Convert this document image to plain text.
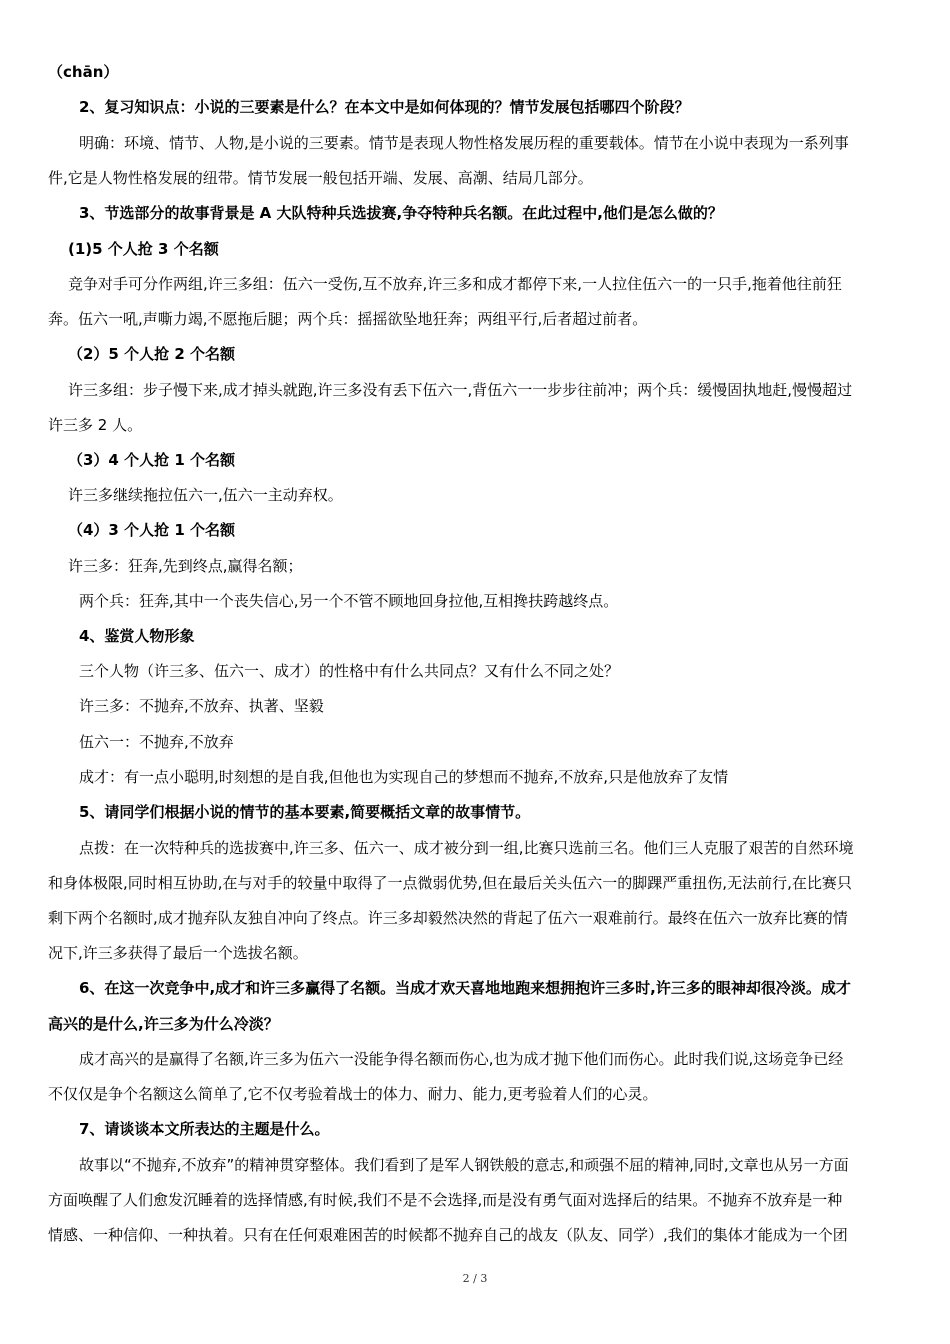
（chān）
2、复习知识点：小说的三要素是什么？在本文中是如何体现的？情节发展包括哪四个阶段？
明确：环境、情节、人物,是小说的三要素。情节是表现人物性格发展历程的重要载体。情节在小说中表现为一系列事
件,它是人物性格发展的纽带。情节发展一般包括开端、发展、高潮、结局几部分。
3、节选部分的故事背景是 A 大队特种兵选拔赛,争夺特种兵名额。在此过程中,他们是怎么做的？
(1)5 个人抢 3 个名额
竞争对手可分作两组,许三多组：伍六一受伤,互不放弃,许三多和成才都停下来,一人拉住伍六一的一只手,拖着他往前狂
奔。伍六一吼,声嘶力竭,不愿拖后腿；两个兵：摇摇欲坠地狂奔；两组平行,后者超过前者。
（2）5 个人抢 2 个名额
许三多组：步子慢下来,成才掉头就跑,许三多没有丢下伍六一,背伍六一一步步往前冲；两个兵：缓慢固执地赶,慢慢超过
许三多 2 人。
（3）4 个人抢 1 个名额
许三多继续拖拉伍六一,伍六一主动弃权。
（4）3 个人抢 1 个名额
许三多：狂奔,先到终点,赢得名额；
两个兵：狂奔,其中一个丧失信心,另一个不管不顾地回身拉他,互相搀扶跨越终点。
4、鉴赏人物形象
三个人物（许三多、伍六一、成才）的性格中有什么共同点？又有什么不同之处？
许三多：不抛弃,不放弃、执著、坚毅
伍六一：不抛弃,不放弃
成才：有一点小聪明,时刻想的是自我,但他也为实现自己的梦想而不抛弃,不放弃,只是他放弃了友情
5、请同学们根据小说的情节的基本要素,简要概括文章的故事情节。
点拨：在一次特种兵的选拔赛中,许三多、伍六一、成才被分到一组,比赛只选前三名。他们三人克服了艰苦的自然环境
和身体极限,同时相互协助,在与对手的较量中取得了一点微弱优势,但在最后关头伍六一的脚踝严重扭伤,无法前行,在比赛只
剩下两个名额时,成才抛弃队友独自冲向了终点。许三多却毅然决然的背起了伍六一艰难前行。最终在伍六一放弃比赛的情
况下,许三多获得了最后一个选拔名额。
6、在这一次竞争中,成才和许三多赢得了名额。当成才欢天喜地地跑来想拥抱许三多时,许三多的眼神却很冷淡。成才
高兴的是什么,许三多为什么冷淡？
成才高兴的是赢得了名额,许三多为伍六一没能争得名额而伤心,也为成才抛下他们而伤心。此时我们说,这场竞争已经
不仅仅是争个名额这么简单了,它不仅考验着战士的体力、耐力、能力,更考验着人们的心灵。
7、请谈谈本文所表达的主题是什么。
故事以“不抛弃,不放弃”的精神贯穿整体。我们看到了是军人钢铁般的意志,和顽强不屈的精神,同时,文章也从另一方面
方面唤醒了人们愈发沉睡着的选择情感,有时候,我们不是不会选择,而是没有勇气面对选择后的结果。不抛弃不放弃是一种
情感、一种信仰、一种执着。只有在任何艰难困苦的时候都不抛弃自己的战友（队友、同学）,我们的集体才能成为一个团
2 / 3
